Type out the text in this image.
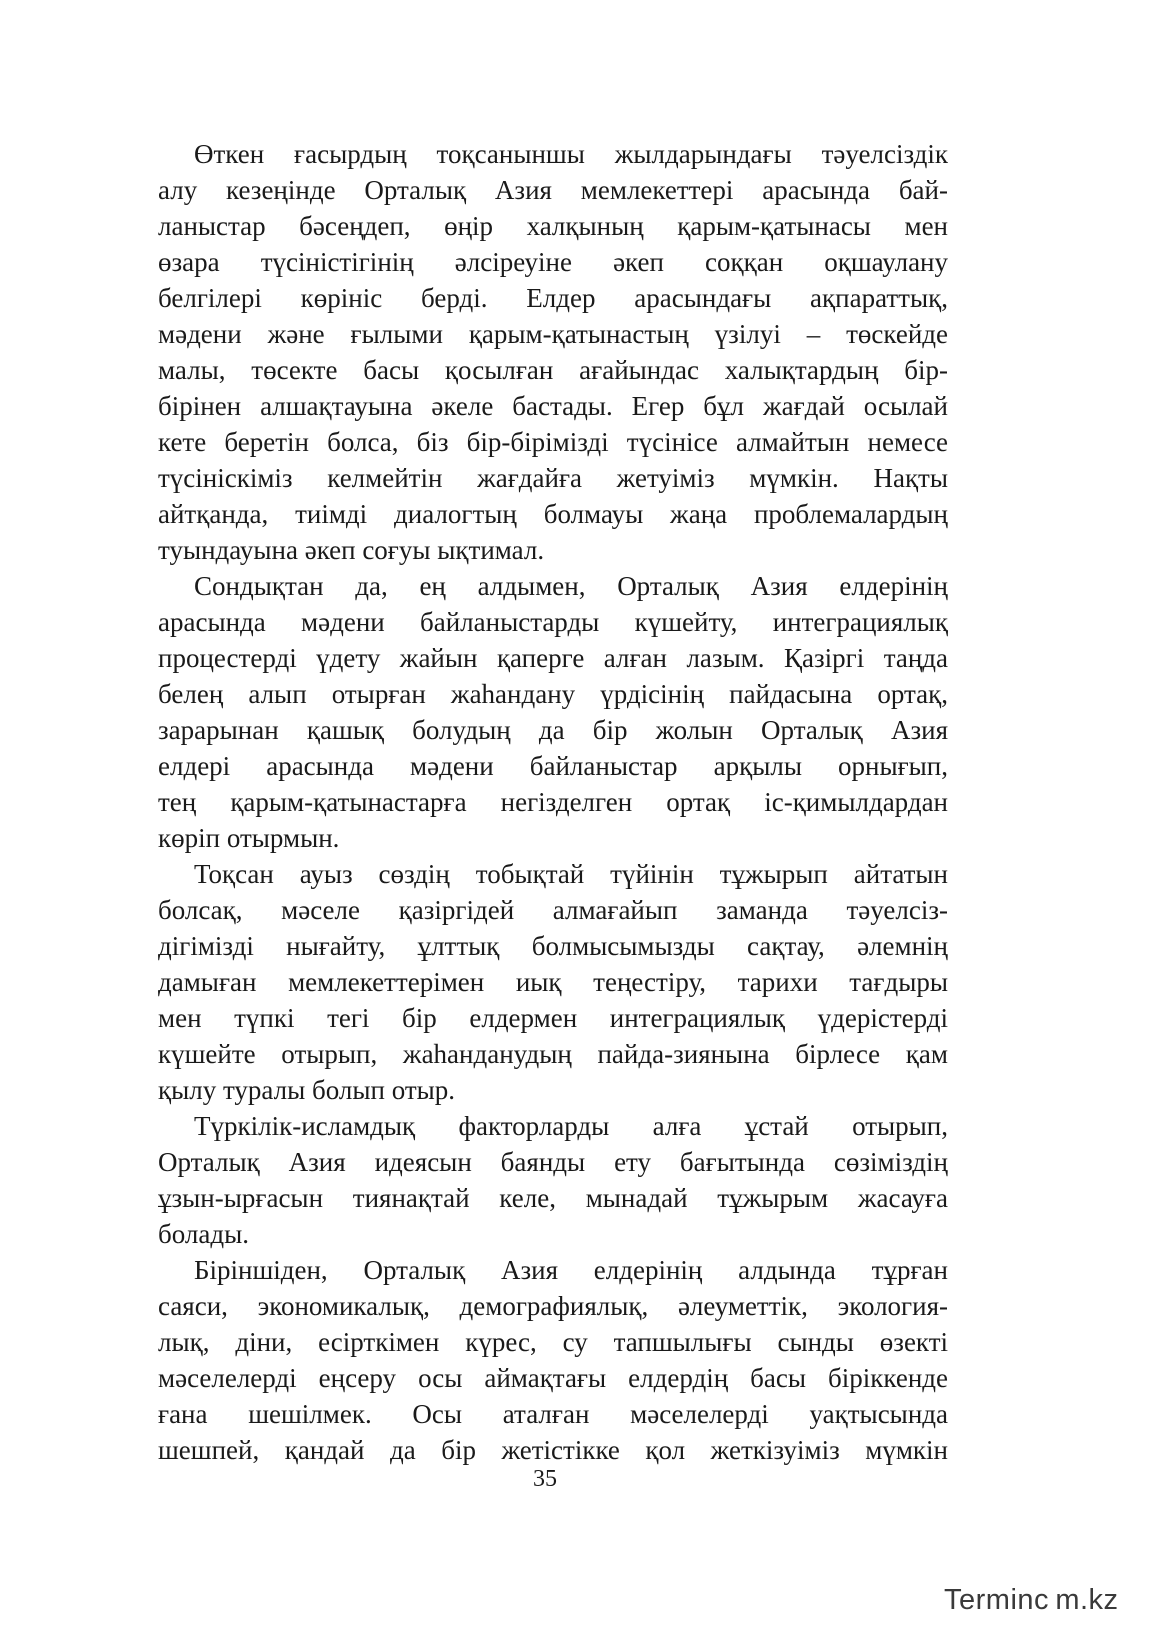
Өткен ғасырдың тоқсаныншы жылдарындағы тәуелсіздік
алу кезеңінде Орталық Азия мемлекеттері арасында бай-
ланыстар бәсеңдеп, өңір халқының қарым-қатынасы мен
өзара түсіністігінің әлсіреуіне әкеп соққан оқшаулану
белгілері көрініс берді. Елдер арасындағы ақпараттық,
мәдени және ғылыми қарым-қатынастың үзілуі – төскейде
малы, төсекте басы қосылған ағайындас халықтардың бір-
бірінен алшақтауына әкеле бастады. Егер бұл жағдай осылай
кете беретін болса, біз бір-бірімізді түсінісе алмайтын немесе
түсініскіміз келмейтін жағдайға жетуіміз мүмкін. Нақты
айтқанда, тиімді диалогтың болмауы жаңа проблемалардың
туындауына әкеп соғуы ықтимал.
Сондықтан да, ең алдымен, Орталық Азия елдерінің
арасында мәдени байланыстарды күшейту, интеграциялық
процестерді үдету жайын қаперге алған лазым. Қазіргі таңда
белең алып отырған жаһандану үрдісінің пайдасына ортақ,
зарарынан қашық болудың да бір жолын Орталық Азия
елдері арасында мәдени байланыстар арқылы орнығып,
тең қарым-қатынастарға негізделген ортақ іс-қимылдардан
көріп отырмын.
Тоқсан ауыз сөздің тобықтай түйінін тұжырып айтатын
болсақ, мәселе қазіргідей алмағайып заманда тәуелсіз-
дігімізді нығайту, ұлттық болмысымызды сақтау, әлемнің
дамыған мемлекеттерімен иық теңестіру, тарихи тағдыры
мен түпкі тегі бір елдермен интеграциялық үдерістерді
күшейте отырып, жаһанданудың пайда-зиянына бірлесе қам
қылу туралы болып отыр.
Түркілік-исламдық факторларды алға ұстай отырып,
Орталық Азия идеясын баянды ету бағытында сөзіміздің
ұзын-ырғасын тиянақтай келе, мынадай тұжырым жасауға
болады.
Біріншіден, Орталық Азия елдерінің алдында тұрған
саяси, экономикалық, демографиялық, әлеуметтік, экология-
лық, діни, есірткімен күрес, су тапшылығы сынды өзекті
мәселелерді еңсеру осы аймақтағы елдердің басы біріккенде
ғана шешілмек. Осы аталған мәселелерді уақтысында
шешпей, қандай да бір жетістікке қол жеткізуіміз мүмкін
35
Terminc m.kz
